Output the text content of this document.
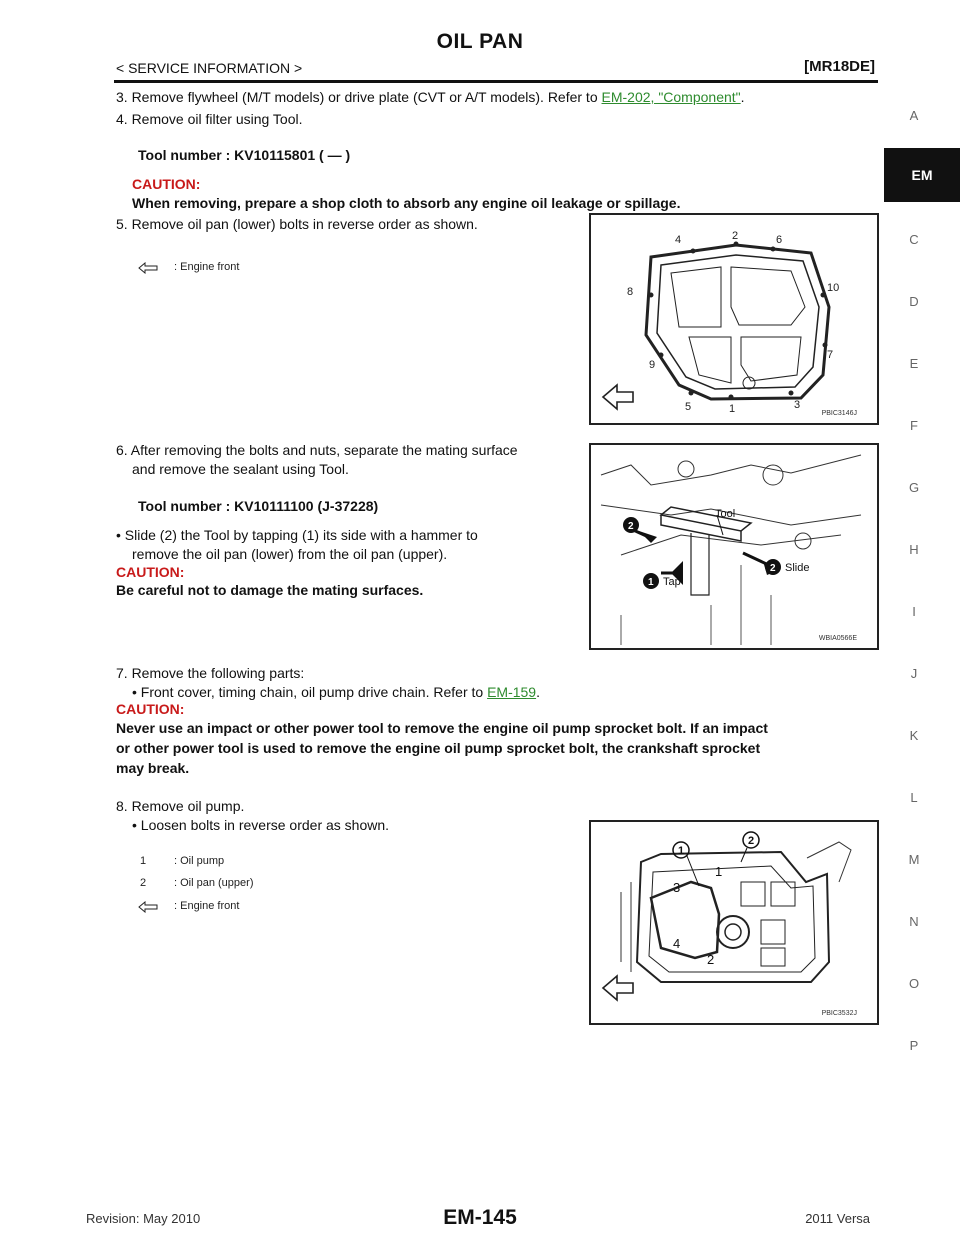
OIL PAN
< SERVICE INFORMATION >	[MR18DE]
A
EM
C
D
E
F
G
H
I
J
K
L
M
N
O
P
3. Remove flywheel (M/T models) or drive plate (CVT or A/T models). Refer to EM-202, "Component".
4. Remove oil filter using Tool.
Tool number : KV10115801 ( — )
CAUTION:
When removing, prepare a shop cloth to absorb any engine oil leakage or spillage.
5. Remove oil pan (lower) bolts in reverse order as shown.
: Engine front
4	2	6
8	10
7
9
5	1	3
PBIC3146J
6. After removing the bolts and nuts, separate the mating surface
and remove the sealant using Tool.
Tool number : KV10111100 (J-37228)
• Slide (2) the Tool by tapping (1) its side with a hammer to
remove the oil pan (lower) from the oil pan (upper).
CAUTION:
Be careful not to damage the mating surfaces.
2
2
1
Tool
Tap
Slide
WBIA0566E
7. Remove the following parts:
• Front cover, timing chain, oil pump drive chain. Refer to EM-159.
CAUTION:
Never use an impact or other power tool to remove the engine oil pump sprocket bolt. If an impact
or other power tool is used to remove the engine oil pump sprocket bolt, the crankshaft sprocket
may break.
8. Remove oil pump.
• Loosen bolts in reverse order as shown.
1	: Oil pump
2	: Oil pan (upper)
: Engine front
1
2
1
3
4
2
PBIC3532J
Revision: May 2010	EM-145	2011 Versa
